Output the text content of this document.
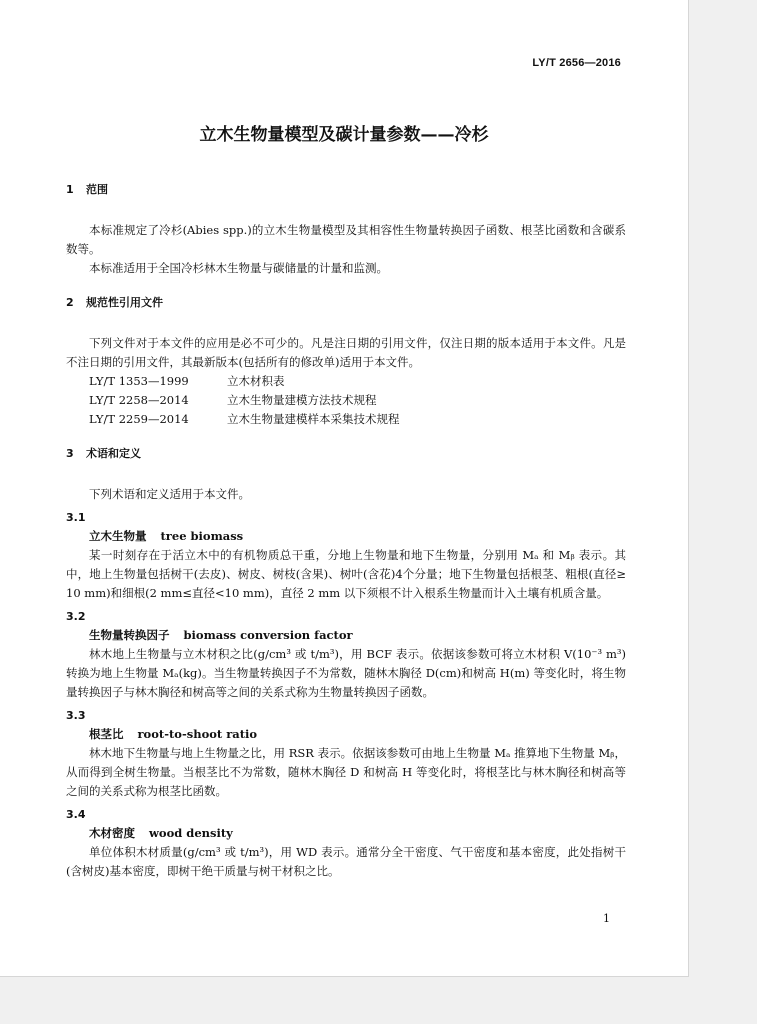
LY/T 2656—2016
立木生物量模型及碳计量参数——冷杉
1 范围

本标准规定了冷杉(Abies spp.)的立木生物量模型及其相容性生物量转换因子函数、根茎比函数和含碳系数等。

本标准适用于全国冷杉林木生物量与碳储量的计量和监测。

2 规范性引用文件

下列文件对于本文件的应用是必不可少的。凡是注日期的引用文件，仅注日期的版本适用于本文件。凡是不注日期的引用文件，其最新版本(包括所有的修改单)适用于本文件。

LY/T 1353—1999	立木材积表

LY/T 2258—2014	立木生物量建模方法技术规程

LY/T 2259—2014	立木生物量建模样本采集技术规程

3 术语和定义

下列术语和定义适用于本文件。

3.1

立木生物量 tree biomass

某一时刻存在于活立木中的有机物质总干重，分地上生物量和地下生物量，分别用 Mₐ 和 Mᵦ 表示。其中，地上生物量包括树干(去皮)、树皮、树枝(含果)、树叶(含花)4个分量；地下生物量包括根茎、粗根(直径≥10 mm)和细根(2 mm≤直径<10 mm)，直径 2 mm 以下须根不计入根系生物量而计入土壤有机质含量。

3.2

生物量转换因子 biomass conversion factor

林木地上生物量与立木材积之比(g/cm³ 或 t/m³)，用 BCF 表示。依据该参数可将立木材积 V(10⁻³ m³) 转换为地上生物量 Mₐ(kg)。当生物量转换因子不为常数，随林木胸径 D(cm)和树高 H(m) 等变化时，将生物量转换因子与林木胸径和树高等之间的关系式称为生物量转换因子函数。

3.3

根茎比 root-to-shoot ratio

林木地下生物量与地上生物量之比，用 RSR 表示。依据该参数可由地上生物量 Mₐ 推算地下生物量 Mᵦ，从而得到全树生物量。当根茎比不为常数，随林木胸径 D 和树高 H 等变化时，将根茎比与林木胸径和树高等之间的关系式称为根茎比函数。

3.4

木材密度 wood density

单位体积木材质量(g/cm³ 或 t/m³)，用 WD 表示。通常分全干密度、气干密度和基本密度，此处指树干(含树皮)基本密度，即树干绝干质量与树干材积之比。

1
